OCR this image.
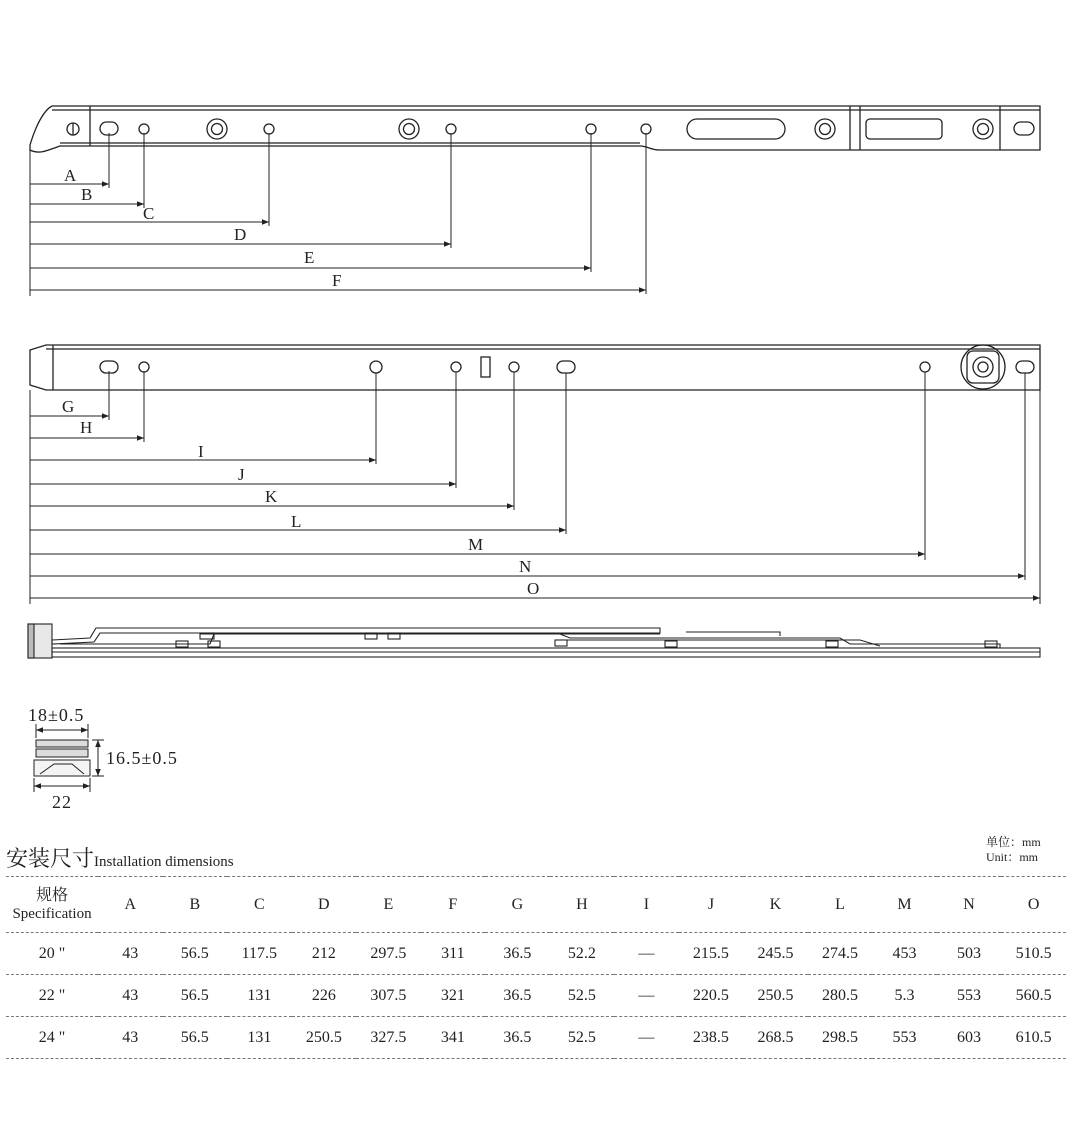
A
B
C
D
E
F
G
H
I
J
K
L
M
N
O
18±0.5
16.5±0.5
22
安装尺寸Installation dimensions
单位：mm
Unit：mm
规格
Specification	A	B	C	D	E	F	G	H	I	J	K	L	M	N	O
20 "	43	56.5	117.5	212	297.5	311	36.5	52.2	—	215.5	245.5	274.5	453	503	510.5
22 "	43	56.5	131	226	307.5	321	36.5	52.5	—	220.5	250.5	280.5	5.3	553	560.5
24 "	43	56.5	131	250.5	327.5	341	36.5	52.5	—	238.5	268.5	298.5	553	603	610.5
